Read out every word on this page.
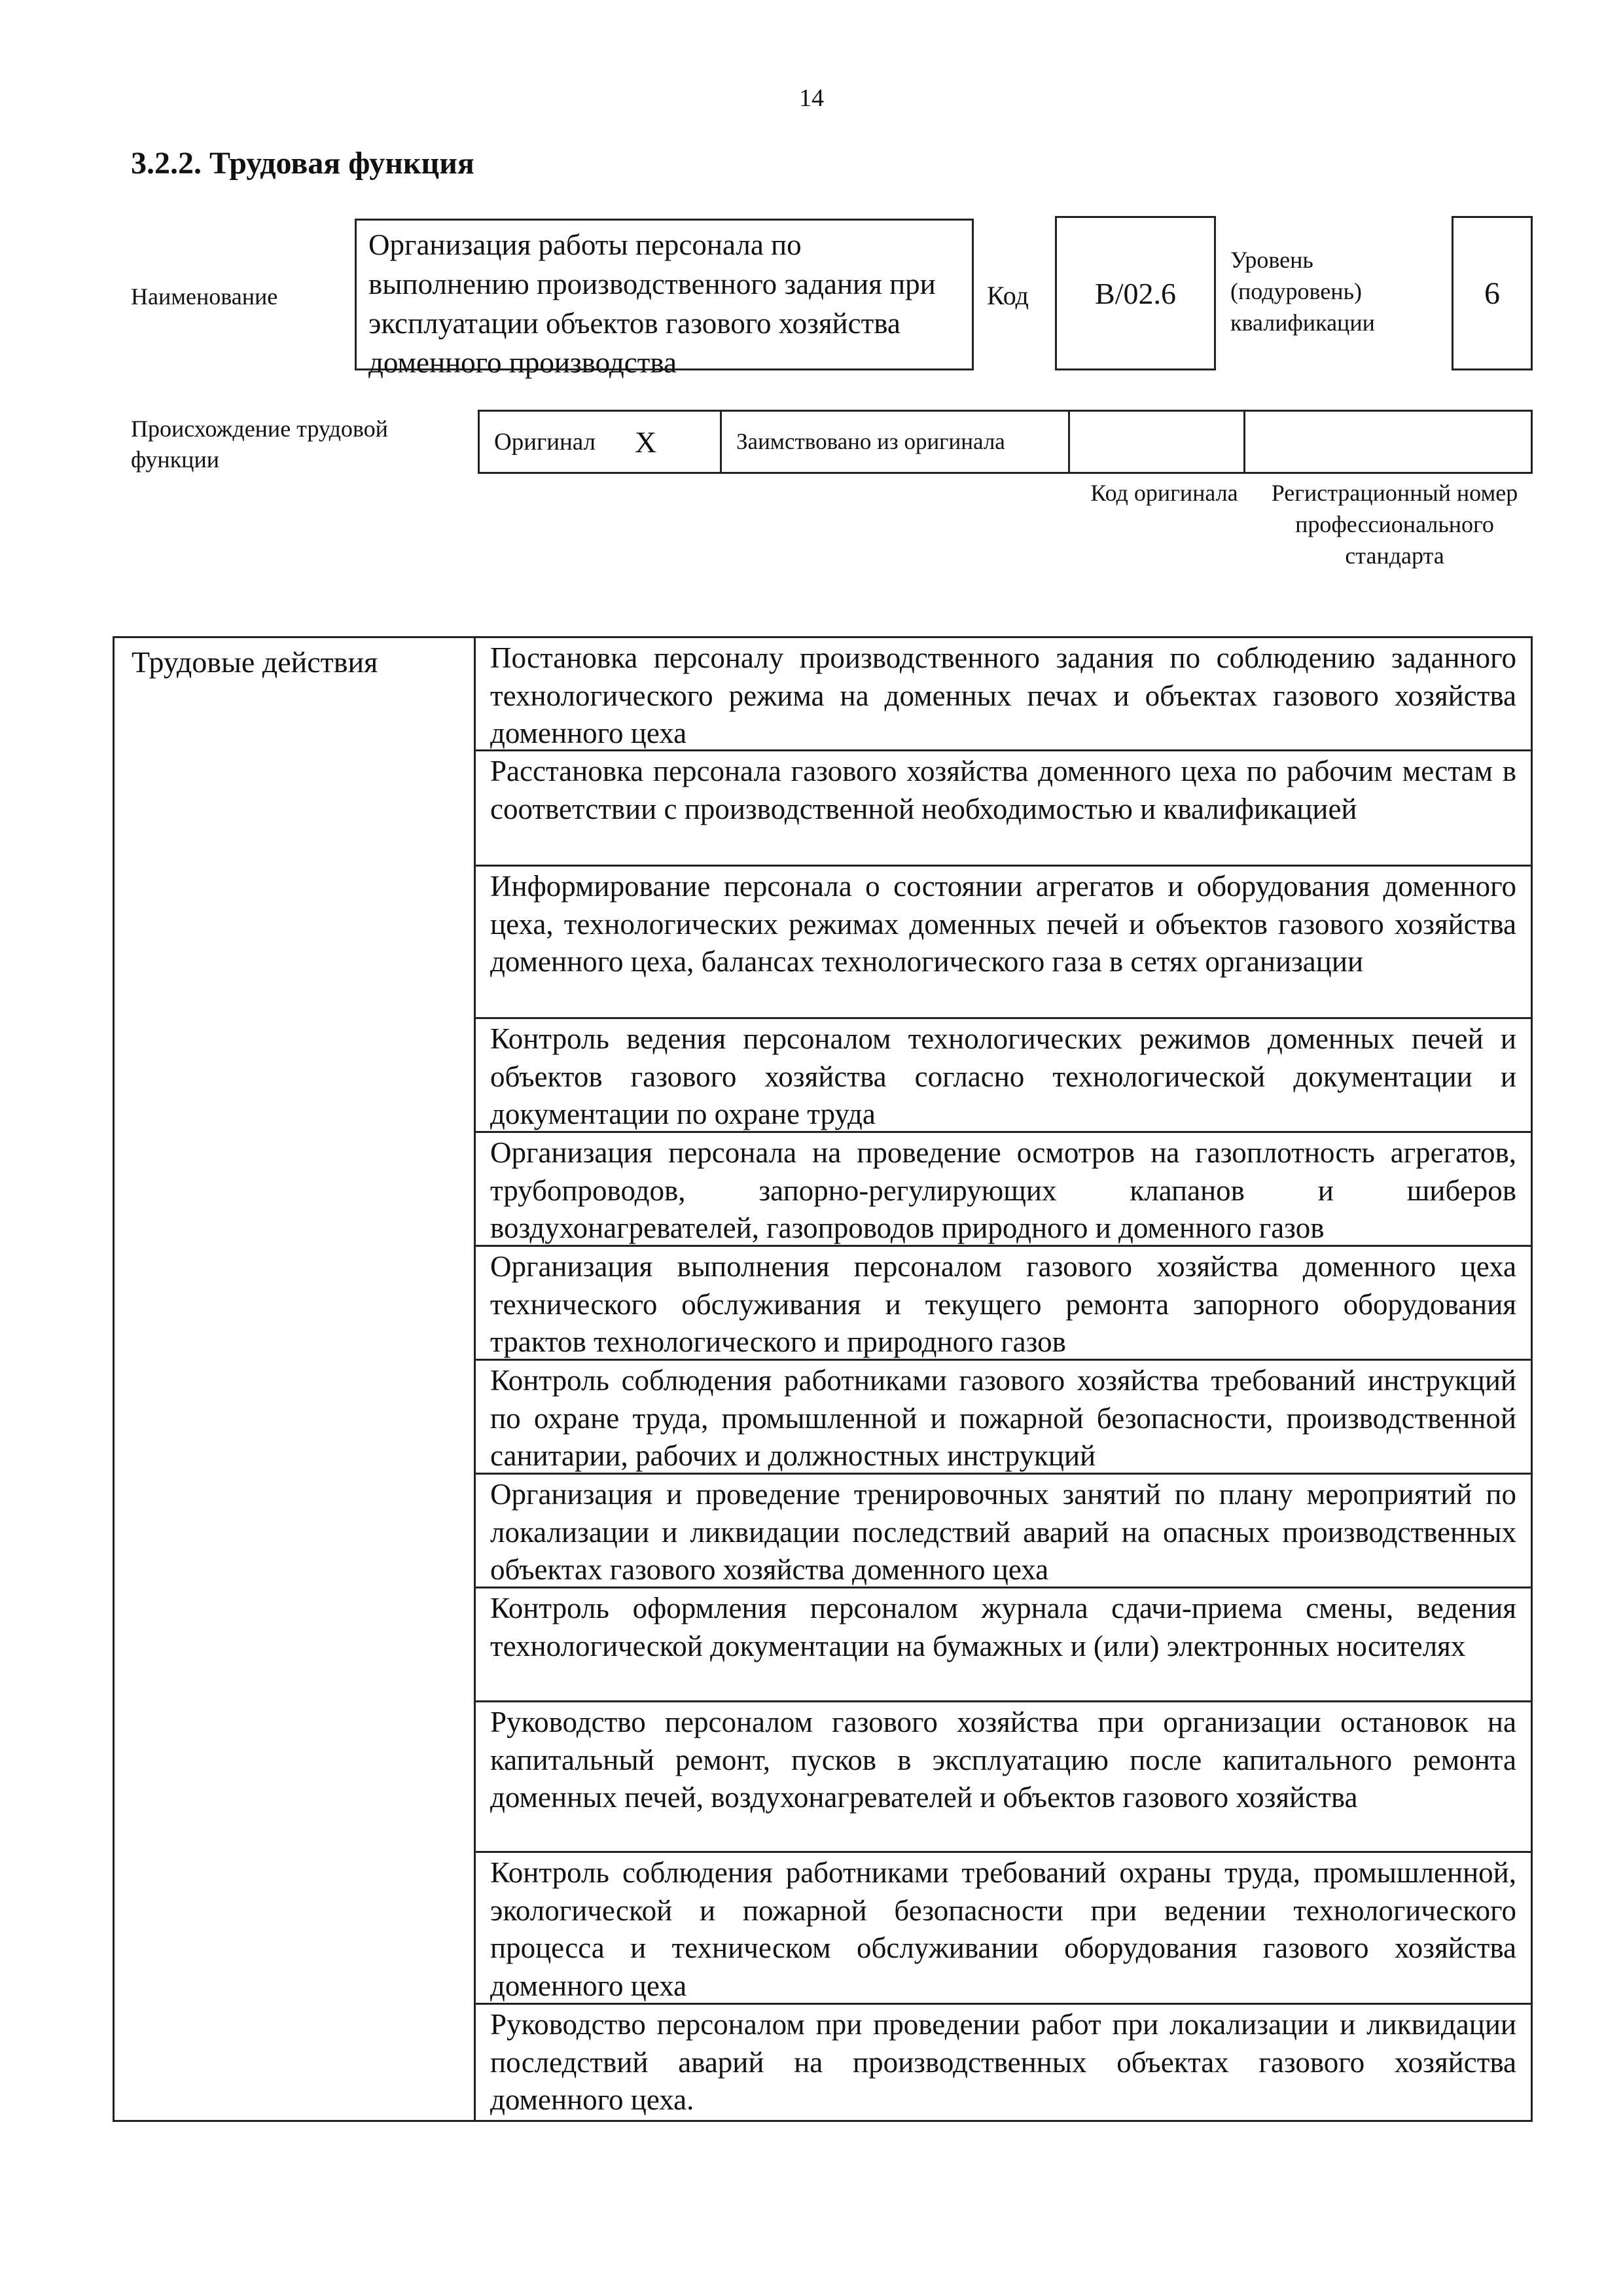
14
3.2.2. Трудовая функция
Наименование
Организация работы персонала по выполнению производственного задания при эксплуатации объектов газового хозяйства доменного производства
Код B/02.6
Уровень (подуровень) квалификации
6
Происхождение трудовой функции
Оригинал X	Заимствовано из оригинала
Код оригинала	Регистрационный номер профессионального стандарта
Трудовые действия	Постановка персоналу производственного задания по соблюдению заданного технологического режима на доменных печах и объектах газового хозяйства доменного цеха
Расстановка персонала газового хозяйства доменного цеха по рабочим местам в соответствии с производственной необходимостью и квалификацией
Информирование персонала о состоянии агрегатов и оборудования доменного цеха, технологических режимах доменных печей и объектов газового хозяйства доменного цеха, балансах технологического газа в сетях организации
Контроль ведения персоналом технологических режимов доменных печей и объектов газового хозяйства согласно технологической документации и документации по охране труда
Организация персонала на проведение осмотров на газоплотность агрегатов, трубопроводов, запорно-регулирующих клапанов и шиберов воздухонагревателей, газопроводов природного и доменного газов
Организация выполнения персоналом газового хозяйства доменного цеха технического обслуживания и текущего ремонта запорного оборудования трактов технологического и природного газов
Контроль соблюдения работниками газового хозяйства требований инструкций по охране труда, промышленной и пожарной безопасности, производственной санитарии, рабочих и должностных инструкций
Организация и проведение тренировочных занятий по плану мероприятий по локализации и ликвидации последствий аварий на опасных производственных объектах газового хозяйства доменного цеха
Контроль оформления персоналом журнала сдачи-приема смены, ведения технологической документации на бумажных и (или) электронных носителях
Руководство персоналом газового хозяйства при организации остановок на капитальный ремонт, пусков в эксплуатацию после капитального ремонта доменных печей, воздухонагревателей и объектов газового хозяйства
Контроль соблюдения работниками требований охраны труда, промышленной, экологической и пожарной безопасности при ведении технологического процесса и техническом обслуживании оборудования газового хозяйства доменного цеха
Руководство персоналом при проведении работ при локализации и ликвидации последствий аварий на производственных объектах газового хозяйства доменного цеха.
